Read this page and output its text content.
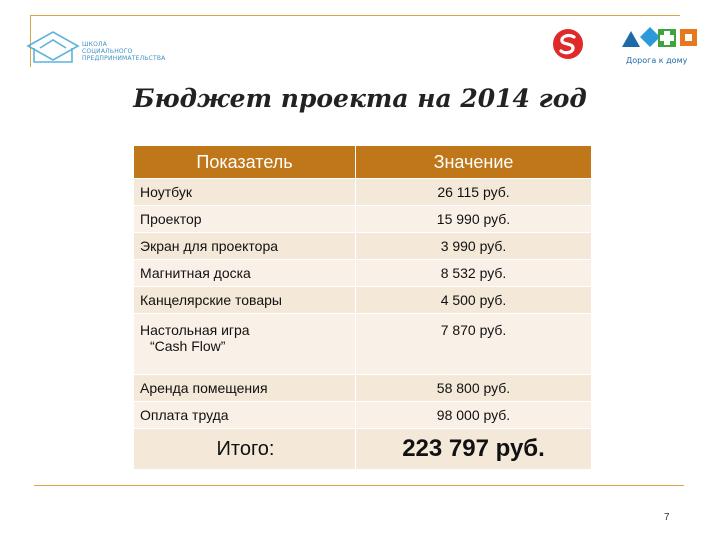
ШКОЛА
СОЦИАЛЬНОГО
ПРЕДПРИНИМАТЕЛЬСТВА	Дорога к дому
Бюджет проекта на 2014 год
Показатель	Значение
Ноутбук	26 115 руб.
Проектор	15 990 руб.
Экран для проектора	3 990 руб.
Магнитная доска	8 532 руб.
Канцелярские товары	4 500 руб.

Настольная игра
“Cash Flow”	7 870 руб.
Аренда помещения	58 800 руб.
Оплата труда	98 000 руб.
Итого:	223 797 руб.
7
